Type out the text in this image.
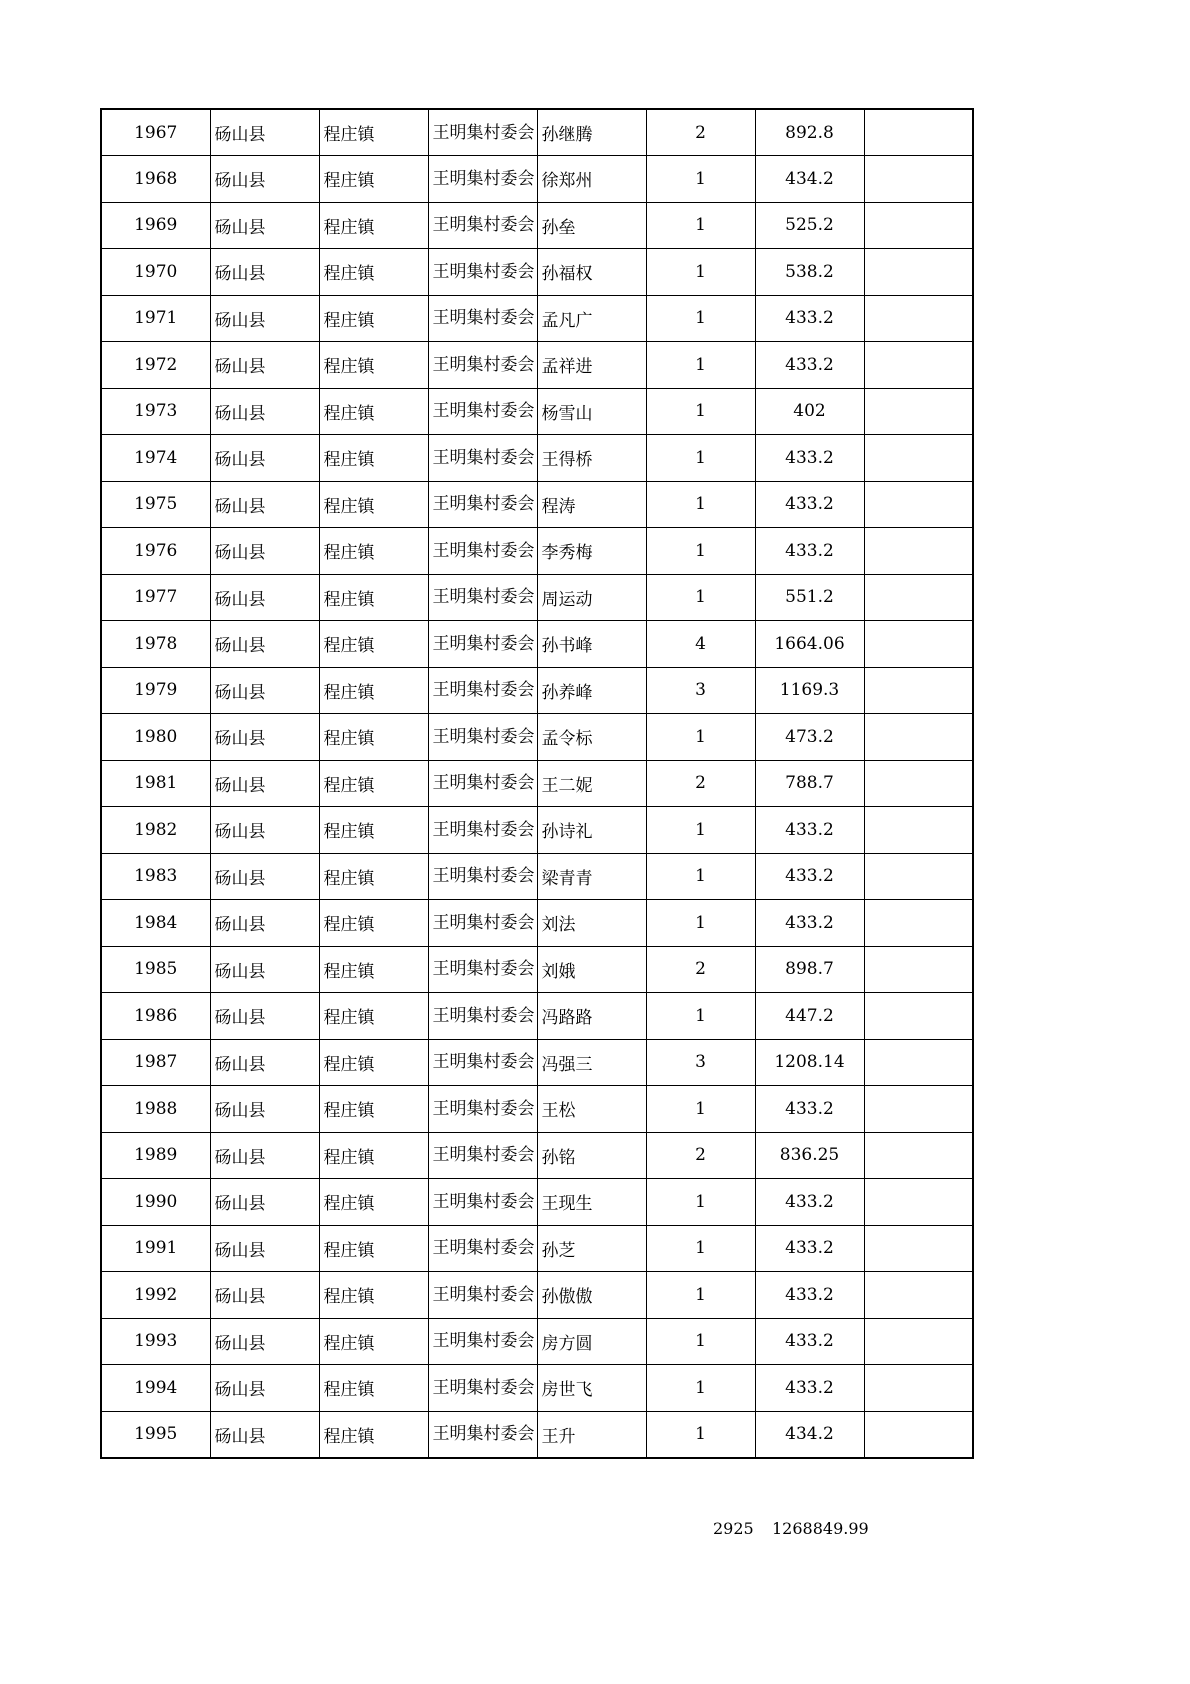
1967	砀山县	程庄镇	王明集村委会	孙继腾	2	892.8	
1968	砀山县	程庄镇	王明集村委会	徐郑州	1	434.2	
1969	砀山县	程庄镇	王明集村委会	孙垒	1	525.2	
1970	砀山县	程庄镇	王明集村委会	孙福权	1	538.2	
1971	砀山县	程庄镇	王明集村委会	孟凡广	1	433.2	
1972	砀山县	程庄镇	王明集村委会	孟祥进	1	433.2	
1973	砀山县	程庄镇	王明集村委会	杨雪山	1	402	
1974	砀山县	程庄镇	王明集村委会	王得桥	1	433.2	
1975	砀山县	程庄镇	王明集村委会	程涛	1	433.2	
1976	砀山县	程庄镇	王明集村委会	李秀梅	1	433.2	
1977	砀山县	程庄镇	王明集村委会	周运动	1	551.2	
1978	砀山县	程庄镇	王明集村委会	孙书峰	4	1664.06	
1979	砀山县	程庄镇	王明集村委会	孙养峰	3	1169.3	
1980	砀山县	程庄镇	王明集村委会	孟令标	1	473.2	
1981	砀山县	程庄镇	王明集村委会	王二妮	2	788.7	
1982	砀山县	程庄镇	王明集村委会	孙诗礼	1	433.2	
1983	砀山县	程庄镇	王明集村委会	梁青青	1	433.2	
1984	砀山县	程庄镇	王明集村委会	刘法	1	433.2	
1985	砀山县	程庄镇	王明集村委会	刘娥	2	898.7	
1986	砀山县	程庄镇	王明集村委会	冯路路	1	447.2	
1987	砀山县	程庄镇	王明集村委会	冯强三	3	1208.14	
1988	砀山县	程庄镇	王明集村委会	王松	1	433.2	
1989	砀山县	程庄镇	王明集村委会	孙铭	2	836.25	
1990	砀山县	程庄镇	王明集村委会	王现生	1	433.2	
1991	砀山县	程庄镇	王明集村委会	孙芝	1	433.2	
1992	砀山县	程庄镇	王明集村委会	孙傲傲	1	433.2	
1993	砀山县	程庄镇	王明集村委会	房方圆	1	433.2	
1994	砀山县	程庄镇	王明集村委会	房世飞	1	433.2	
1995	砀山县	程庄镇	王明集村委会	王升	1	434.2	
2925 1268849.99
